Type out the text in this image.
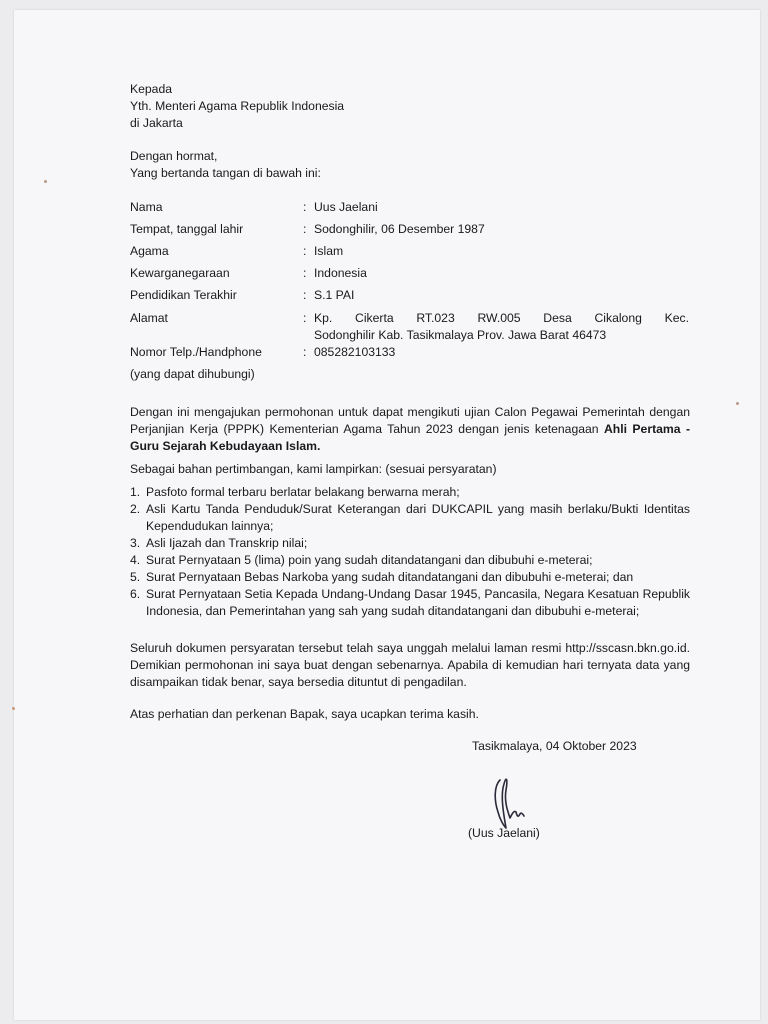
Kepada
Yth. Menteri Agama Republik Indonesia
di Jakarta
Dengan hormat,
Yang bertanda tangan di bawah ini:
Nama	: Uus Jaelani
Tempat, tanggal lahir	: Sodonghilir, 06 Desember 1987
Agama	: Islam
Kewarganegaraan	: Indonesia
Pendidikan Terakhir	: S.1 PAI
Alamat	: Kp. Cikerta RT.023 RW.005 Desa Cikalong Kec.
Sodonghilir Kab. Tasikmalaya Prov. Jawa Barat 46473
Nomor Telp./Handphone	: 085282103133
(yang dapat dihubungi)
Dengan ini mengajukan permohonan untuk dapat mengikuti ujian Calon Pegawai Pemerintah dengan Perjanjian Kerja (PPPK) Kementerian Agama Tahun 2023 dengan jenis ketenagaan Ahli Pertama - Guru Sejarah Kebudayaan Islam.
Sebagai bahan pertimbangan, kami lampirkan: (sesuai persyaratan)
1. Pasfoto formal terbaru berlatar belakang berwarna merah;
2. Asli Kartu Tanda Penduduk/Surat Keterangan dari DUKCAPIL yang masih berlaku/Bukti Identitas Kependudukan lainnya;
3. Asli Ijazah dan Transkrip nilai;
4. Surat Pernyataan 5 (lima) poin yang sudah ditandatangani dan dibubuhi e-meterai;
5. Surat Pernyataan Bebas Narkoba yang sudah ditandatangani dan dibubuhi e-meterai; dan
6. Surat Pernyataan Setia Kepada Undang-Undang Dasar 1945, Pancasila, Negara Kesatuan Republik Indonesia, dan Pemerintahan yang sah yang sudah ditandatangani dan dibubuhi e-meterai;
Seluruh dokumen persyaratan tersebut telah saya unggah melalui laman resmi http://sscasn.bkn.go.id. Demikian permohonan ini saya buat dengan sebenarnya. Apabila di kemudian hari ternyata data yang disampaikan tidak benar, saya bersedia dituntut di pengadilan.
Atas perhatian dan perkenan Bapak, saya ucapkan terima kasih.
Tasikmalaya, 04 Oktober 2023
(Uus Jaelani)
